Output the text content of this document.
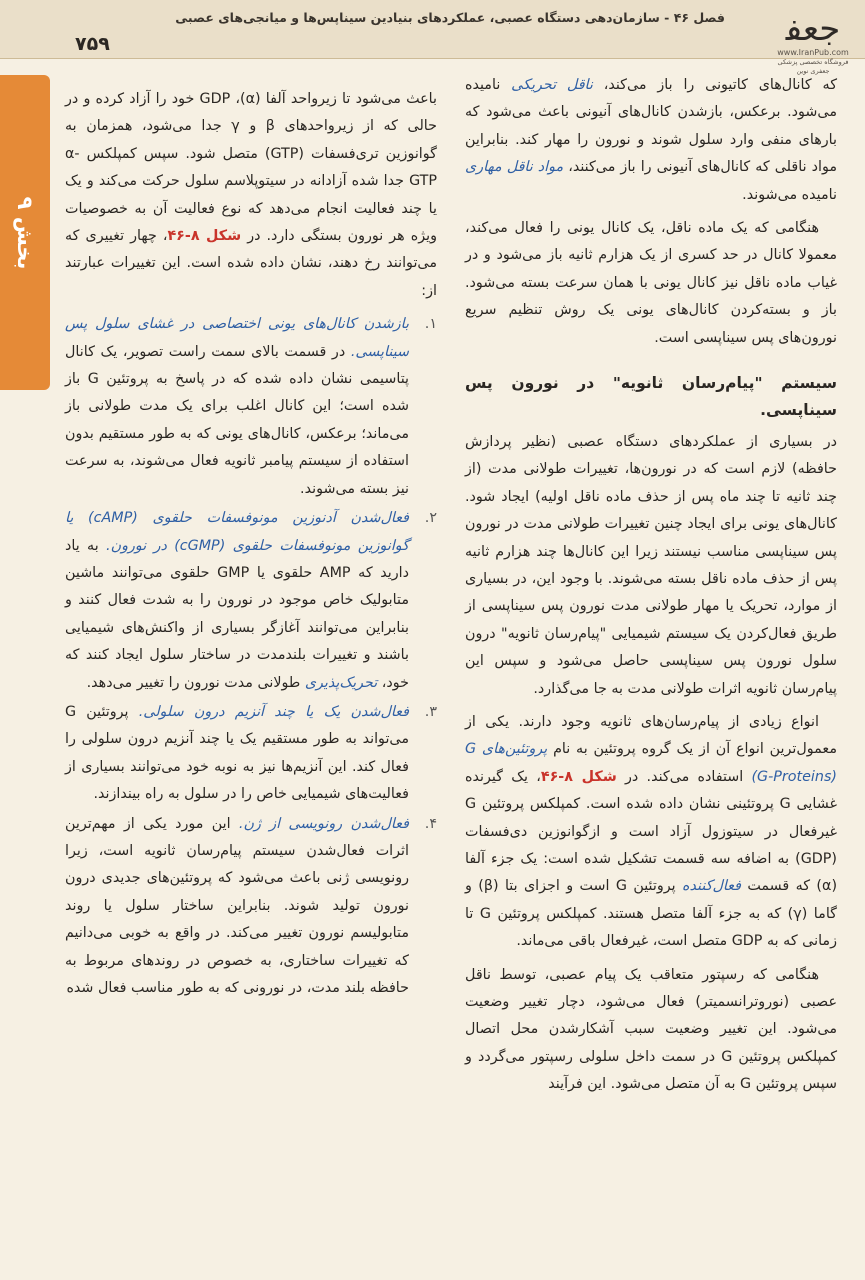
فصل ۴۶ - سازمان‌دهی دستگاه عصبی، عملکردهای بنیادین سیناپس‌ها و میانجی‌های عصبی
۷۵۹	ﺟﻌﻔ
www.IranPub.com
فروشگاه تخصصی پزشکی جعفری نوین
بخش ۹

که کانال‌های کاتیونی را باز می‌کند، ناقل تحریکی نامیده می‌شود. برعکس، بازشدن کانال‌های آنیونی باعث می‌شود که بارهای منفی وارد سلول شوند و نورون را مهار کند. بنابراین مواد ناقلی که کانال‌های آنیونی را باز می‌کنند، مواد ناقل مهاری نامیده می‌شوند.

هنگامی که یک ماده ناقل، یک کانال یونی را فعال می‌کند، معمولا کانال در حد کسری از یک هزارم ثانیه باز می‌شود و در غیاب ماده ناقل نیز کانال یونی با همان سرعت بسته می‌شود. باز و بسته‌کردن کانال‌های یونی یک روش تنظیم سریع نورون‌های پس سیناپسی است.

سیستم "پیام‌رسان ثانویه" در نورون پس سیناپسی.

در بسیاری از عملکردهای دستگاه عصبی (نظیر پردازش حافظه) لازم است که در نورون‌ها، تغییرات طولانی مدت (از چند ثانیه تا چند ماه پس از حذف ماده ناقل اولیه) ایجاد شود. کانال‌های یونی برای ایجاد چنین تغییرات طولانی مدت در نورون پس سیناپسی مناسب نیستند زیرا این کانال‌ها چند هزارم ثانیه پس از حذف ماده ناقل بسته می‌شوند. با وجود این، در بسیاری از موارد، تحریک یا مهار طولانی مدت نورون پس سیناپسی از طریق فعال‌کردن یک سیستم شیمیایی "پیام‌رسان ثانویه" درون سلول نورون پس سیناپسی حاصل می‌شود و سپس این پیام‌رسان ثانویه اثرات طولانی مدت به جا می‌گذارد.

انواع زیادی از پیام‌رسان‌های ثانویه وجود دارند. یکی از معمول‌ترین انواع آن از یک گروه پروتئین به نام پروتئین‌های G (G-Proteins) استفاده می‌کند. در شکل ۸-۴۶، یک گیرنده غشایی G پروتئینی نشان داده شده است. کمپلکس پروتئین G غیرفعال در سیتوزول آزاد است و ازگوانوزین دی‌فسفات (GDP) به اضافه سه قسمت تشکیل شده است: یک جزء آلفا (α) که قسمت فعال‌کننده پروتئین G است و اجزای بتا (β) و گاما (γ) که به جزء آلفا متصل هستند. کمپلکس پروتئین G تا زمانی که به GDP متصل است، غیرفعال باقی می‌ماند.

هنگامی که رسپتور متعاقب یک پیام عصبی، توسط ناقل عصبی (نوروترانسمیتر) فعال می‌شود، دچار تغییر وضعیت می‌شود. این تغییر وضعیت سبب آشکارشدن محل اتصال کمپلکس پروتئین G در سمت داخل سلولی رسپتور می‌گردد و سپس پروتئین G به آن متصل می‌شود. این فرآیند

باعث می‌شود تا زیرواحد آلفا (α)، GDP خود را آزاد کرده و در حالی که از زیرواحدهای β و γ جدا می‌شود، همزمان به گوانوزین تری‌فسفات (GTP) متصل شود. سپس کمپلکس α-GTP جدا شده آزادانه در سیتوپلاسم سلول حرکت می‌کند و یک یا چند فعالیت انجام می‌دهد که نوع فعالیت آن به خصوصیات ویژه هر نورون بستگی دارد. در شکل ۸-۴۶، چهار تغییری که می‌توانند رخ دهند، نشان داده شده است. این تغییرات عبارتند از:

۱.
بازشدن کانال‌های یونی اختصاصی در غشای سلول پس سیناپسی. در قسمت بالای سمت راست تصویر، یک کانال پتاسیمی نشان داده شده که در پاسخ به پروتئین G باز شده است؛ این کانال اغلب برای یک مدت طولانی باز می‌ماند؛ برعکس، کانال‌های یونی که به طور مستقیم بدون استفاده از سیستم پیامبر ثانویه فعال می‌شوند، به سرعت نیز بسته می‌شوند.
۲.
فعال‌شدن آدنوزین مونوفسفات حلقوی (cAMP) یا گوانوزین مونوفسفات حلقوی (cGMP) در نورون. به یاد دارید که AMP حلقوی یا GMP حلقوی می‌توانند ماشین متابولیک خاص موجود در نورون را به شدت فعال کنند و بنابراین می‌توانند آغازگر بسیاری از واکنش‌های شیمیایی باشند و تغییرات بلندمدت در ساختار سلول ایجاد کنند که خود، تحریک‌پذیری طولانی مدت نورون را تغییر می‌دهد.
۳.
فعال‌شدن یک یا چند آنزیم درون سلولی. پروتئین G می‌تواند به طور مستقیم یک یا چند آنزیم درون سلولی را فعال کند. این آنزیم‌ها نیز به نوبه خود می‌توانند بسیاری از فعالیت‌های شیمیایی خاص را در سلول به راه بیندازند.
۴.
فعال‌شدن رونویسی از ژن. این مورد یکی از مهم‌ترین اثرات فعال‌شدن سیستم پیام‌رسان ثانویه است، زیرا رونویسی ژنی باعث می‌شود که پروتئین‌های جدیدی درون نورون تولید شوند. بنابراین ساختار سلول یا روند متابولیسم نورون تغییر می‌کند. در واقع به خوبی می‌دانیم که تغییرات ساختاری، به خصوص در روندهای مربوط به حافظه بلند مدت، در نورونی که به طور مناسب فعال شده
